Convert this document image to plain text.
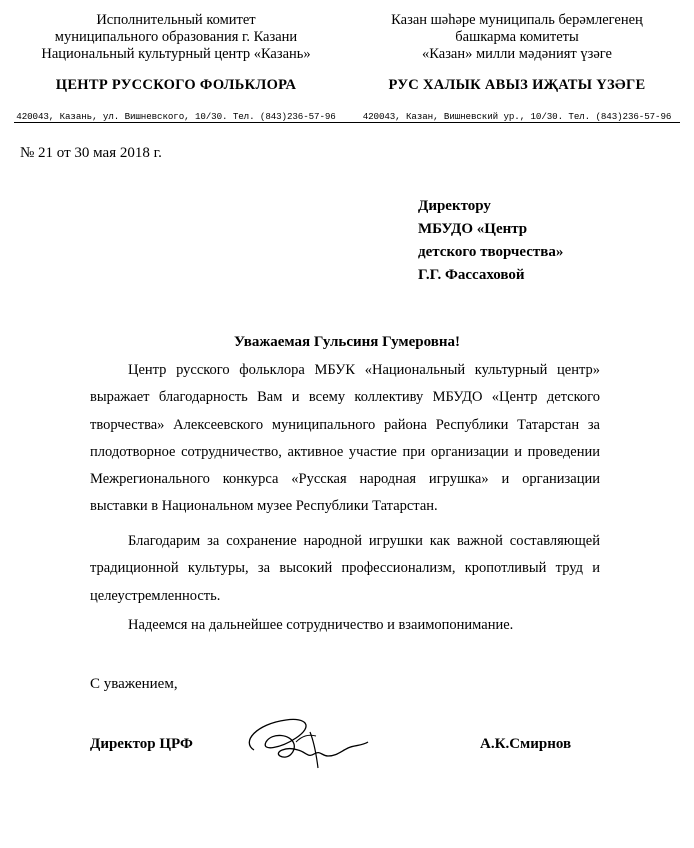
Исполнительный комитет
муниципального образования г. Казани
Национальный культурный центр «Казань»
ЦЕНТР РУССКОГО ФОЛЬКЛОРА
420043, Казань, ул. Вишневского, 10/30. Тел. (843)236-57-96
Казан шәһәре муниципаль берәмлегенең
башкарма комитеты
«Казан» милли мәдәният үзәге
РУС ХАЛЫК АВЫЗ ИҖАТЫ ҮЗӘГЕ
420043, Казан, Вишневский ур., 10/30. Тел. (843)236-57-96
№ 21 от 30 мая 2018 г.
Директору
МБУДО «Центр
детского творчества»
Г.Г. Фассаховой
Уважаемая Гульсиня Гумеровна!

Центр русского фольклора МБУК «Национальный культурный центр» выражает благодарность Вам и всему коллективу МБУДО «Центр детского творчества» Алексеевского муниципального района Республики Татарстан за плодотворное сотрудничество, активное участие при организации и проведении Межрегионального конкурса «Русская народная игрушка» и организации выставки в Национальном музее Республики Татарстан.

Благодарим за сохранение народной игрушки как важной составляющей традиционной культуры, за высокий профессионализм, кропотливый труд и целеустремленность.

Надеемся на дальнейшее сотрудничество и взаимопонимание.

С уважением,
Директор ЦРФ	А.К.Смирнов
